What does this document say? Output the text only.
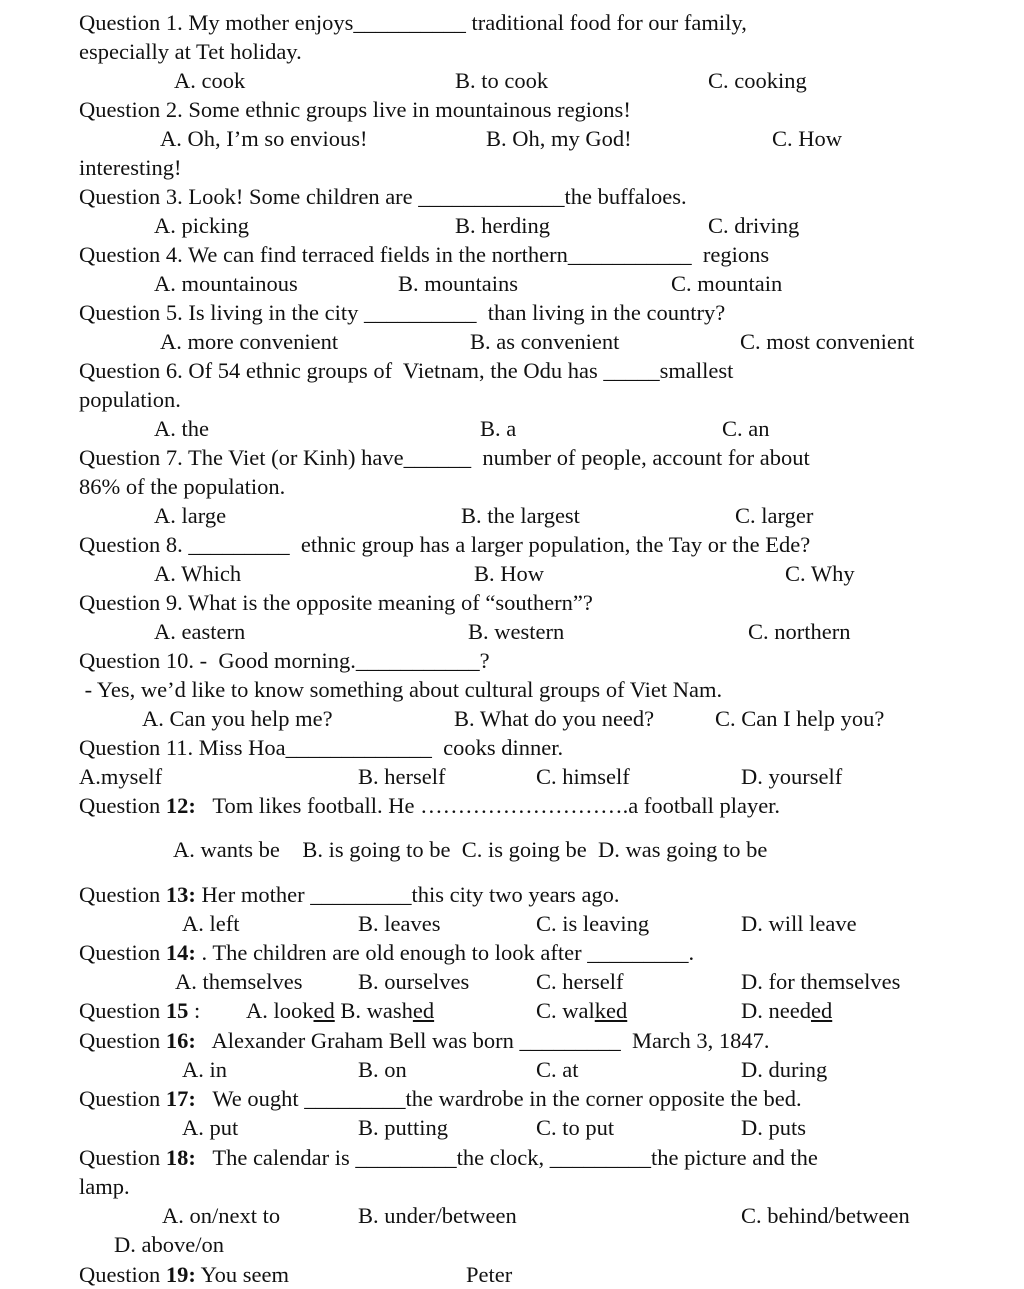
Question 1. My mother enjoys__________ traditional food for our family,
especially at Tet holiday.
A. cook	B. to cook	C. cooking
Question 2. Some ethnic groups live in mountainous regions!
A. Oh, I’m so envious!	B. Oh, my God!	C. How
interesting!
Question 3. Look! Some children are _____________the buffaloes.
A. picking	B. herding	C. driving
Question 4. We can find terraced fields in the northern___________  regions
A. mountainous	B. mountains	C. mountain
Question 5. Is living in the city __________  than living in the country?
A. more convenient	B. as convenient	C. most convenient
Question 6. Of 54 ethnic groups of  Vietnam, the Odu has _____smallest
population.
A. the	B. a	C. an
Question 7. The Viet (or Kinh) have______  number of people, account for about
86% of the population.
A. large	B. the largest	C. larger
Question 8. _________  ethnic group has a larger population, the Tay or the Ede?
A. Which	B. How	C. Why
Question 9. What is the opposite meaning of “southern”?
A. eastern	B. western	C. northern
Question 10. -  Good morning.___________?
- Yes, we’d like to know something about cultural groups of Viet Nam.
A. Can you help me?	B. What do you need?	C. Can I help you?
Question 11. Miss Hoa_____________  cooks dinner.
A.myself	B. herself	C. himself	D. yourself
Question 12:   Tom likes football. He ……………………….a football player.
A. wants be    B. is going to be  C. is going be  D. was going to be
Question 13: Her mother _________this city two years ago.
A. left	B. leaves	C. is leaving	D. will leave
Question 14: . The children are old enough to look after _________.
A. themselves B. ourselves	C. herself	D. for themselves
Question 15 : A. looked B. washed	C. walked	D. needed
Question 16:   Alexander Graham Bell was born _________  March 3, 1847.
A. in	B. on	C. at	D. during
Question 17:   We ought _________the wardrobe in the corner opposite the bed.
A. put	B. putting	C. to put	D. puts
Question 18:   The calendar is _________the clock, _________the picture and the
lamp.
A. on/next to	B. under/between	C. behind/between
D. above/on
Question 19: You seem	Peter
